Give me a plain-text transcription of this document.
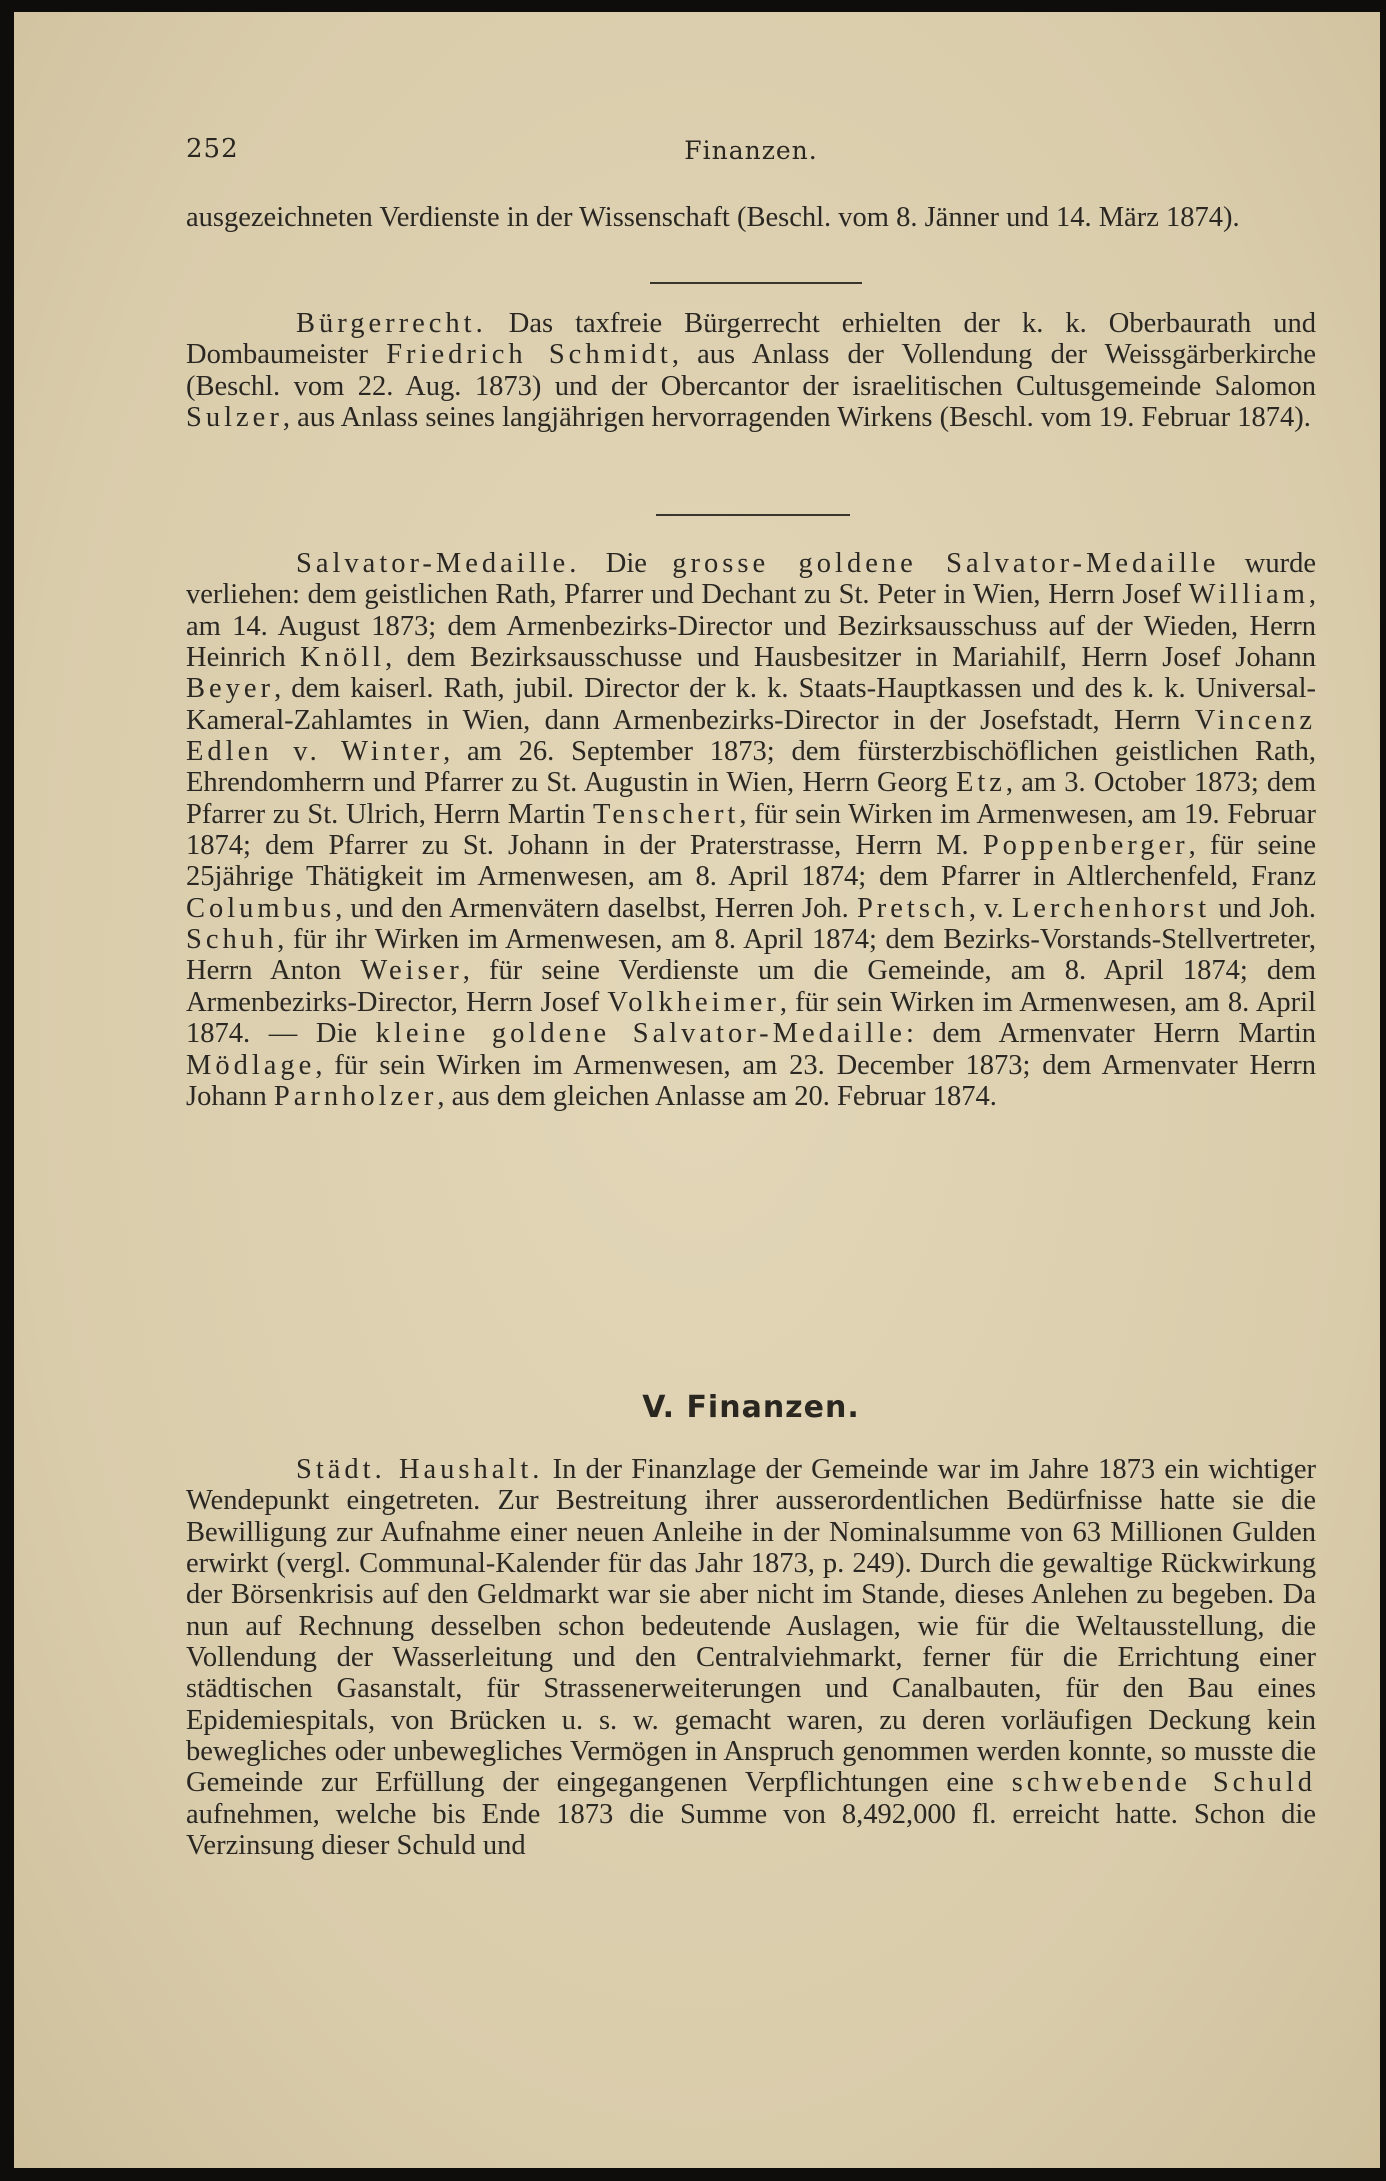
252	Finanzen.

ausgezeichneten Verdienste in der Wissenschaft (Beschl. vom 8. Jänner und 14. März 1874).

Bürgerrecht. Das taxfreie Bürgerrecht erhielten der k. k. Oberbaurath und Dombaumeister Friedrich Schmidt, aus Anlass der Vollendung der Weissgärberkirche (Beschl. vom 22. Aug. 1873) und der Obercantor der israelitischen Cultusgemeinde Salomon Sulzer, aus Anlass seines langjährigen hervorragenden Wirkens (Beschl. vom 19. Februar 1874).

Salvator-Medaille. Die grosse goldene Salvator-Medaille wurde verliehen: dem geistlichen Rath, Pfarrer und Dechant zu St. Peter in Wien, Herrn Josef William, am 14. August 1873; dem Armenbezirks-Director und Bezirksausschuss auf der Wieden, Herrn Heinrich Knöll, dem Bezirksausschusse und Hausbesitzer in Mariahilf, Herrn Josef Johann Beyer, dem kaiserl. Rath, jubil. Director der k. k. Staats-Hauptkassen und des k. k. Universal-Kameral-Zahlamtes in Wien, dann Armenbezirks-Director in der Josefstadt, Herrn Vincenz Edlen v. Winter, am 26. September 1873; dem fürsterzbischöflichen geistlichen Rath, Ehrendomherrn und Pfarrer zu St. Augustin in Wien, Herrn Georg Etz, am 3. October 1873; dem Pfarrer zu St. Ulrich, Herrn Martin Tenschert, für sein Wirken im Armenwesen, am 19. Februar 1874; dem Pfarrer zu St. Johann in der Praterstrasse, Herrn M. Poppenberger, für seine 25jährige Thätigkeit im Armenwesen, am 8. April 1874; dem Pfarrer in Altlerchenfeld, Franz Columbus, und den Armenvätern daselbst, Herren Joh. Pretsch, v. Lerchenhorst und Joh. Schuh, für ihr Wirken im Armenwesen, am 8. April 1874; dem Bezirks-Vorstands-Stellvertreter, Herrn Anton Weiser, für seine Verdienste um die Gemeinde, am 8. April 1874; dem Armenbezirks-Director, Herrn Josef Volkheimer, für sein Wirken im Armenwesen, am 8. April 1874. — Die kleine goldene Salvator-Medaille: dem Armenvater Herrn Martin Mödlage, für sein Wirken im Armenwesen, am 23. December 1873; dem Armenvater Herrn Johann Parnholzer, aus dem gleichen Anlasse am 20. Februar 1874.

V. Finanzen.

Städt. Haushalt. In der Finanzlage der Gemeinde war im Jahre 1873 ein wichtiger Wendepunkt eingetreten. Zur Bestreitung ihrer ausserordentlichen Bedürfnisse hatte sie die Bewilligung zur Aufnahme einer neuen Anleihe in der Nominalsumme von 63 Millionen Gulden erwirkt (vergl. Communal-Kalender für das Jahr 1873, p. 249). Durch die gewaltige Rückwirkung der Börsenkrisis auf den Geldmarkt war sie aber nicht im Stande, dieses Anlehen zu begeben. Da nun auf Rechnung desselben schon bedeutende Auslagen, wie für die Weltausstellung, die Vollendung der Wasserleitung und den Centralviehmarkt, ferner für die Errichtung einer städtischen Gasanstalt, für Strassenerweiterungen und Canalbauten, für den Bau eines Epidemiespitals, von Brücken u. s. w. gemacht waren, zu deren vorläufigen Deckung kein bewegliches oder unbewegliches Vermögen in Anspruch genommen werden konnte, so musste die Gemeinde zur Erfüllung der eingegangenen Verpflichtungen eine schwebende Schuld aufnehmen, welche bis Ende 1873 die Summe von 8,492,000 fl. erreicht hatte. Schon die Verzinsung dieser Schuld und
